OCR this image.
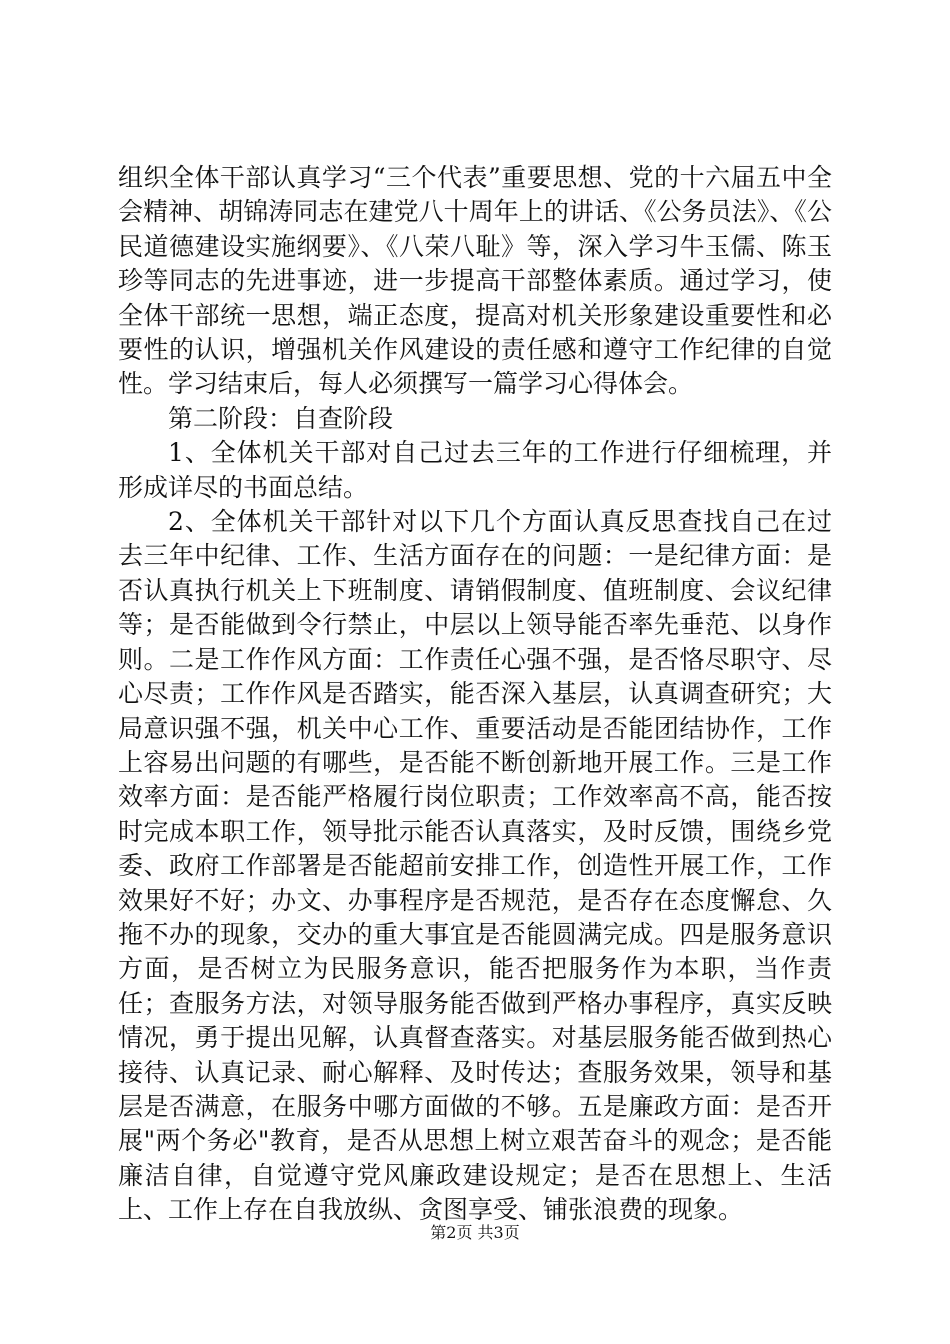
组织全体干部认真学习“三个代表”重要思想、党的十六届五中全会精神、胡锦涛同志在建党八十周年上的讲话、《公务员法》、《公民道德建设实施纲要》、《八荣八耻》等，深入学习牛玉儒、陈玉珍等同志的先进事迹，进一步提高干部整体素质。通过学习，使全体干部统一思想，端正态度，提高对机关形象建设重要性和必要性的认识，增强机关作风建设的责任感和遵守工作纪律的自觉性。学习结束后，每人必须撰写一篇学习心得体会。

第二阶段：自查阶段

1、全体机关干部对自己过去三年的工作进行仔细梳理，并形成详尽的书面总结。

2、全体机关干部针对以下几个方面认真反思查找自己在过去三年中纪律、工作、生活方面存在的问题：一是纪律方面：是否认真执行机关上下班制度、请销假制度、值班制度、会议纪律等；是否能做到令行禁止，中层以上领导能否率先垂范、以身作则。二是工作作风方面：工作责任心强不强，是否恪尽职守、尽心尽责；工作作风是否踏实，能否深入基层，认真调查研究；大局意识强不强，机关中心工作、重要活动是否能团结协作，工作上容易出问题的有哪些，是否能不断创新地开展工作。三是工作效率方面：是否能严格履行岗位职责；工作效率高不高，能否按时完成本职工作，领导批示能否认真落实，及时反馈，围绕乡党委、政府工作部署是否能超前安排工作，创造性开展工作，工作效果好不好；办文、办事程序是否规范，是否存在态度懈怠、久拖不办的现象，交办的重大事宜是否能圆满完成。四是服务意识方面，是否树立为民服务意识，能否把服务作为本职，当作责任；查服务方法，对领导服务能否做到严格办事程序，真实反映情况，勇于提出见解，认真督查落实。对基层服务能否做到热心接待、认真记录、耐心解释、及时传达；查服务效果，领导和基层是否满意，在服务中哪方面做的不够。五是廉政方面：是否开展"两个务必"教育，是否从思想上树立艰苦奋斗的观念；是否能廉洁自律，自觉遵守党风廉政建设规定；是否在思想上、生活上、工作上存在自我放纵、贪图享受、铺张浪费的现象。

第2页 共3页
